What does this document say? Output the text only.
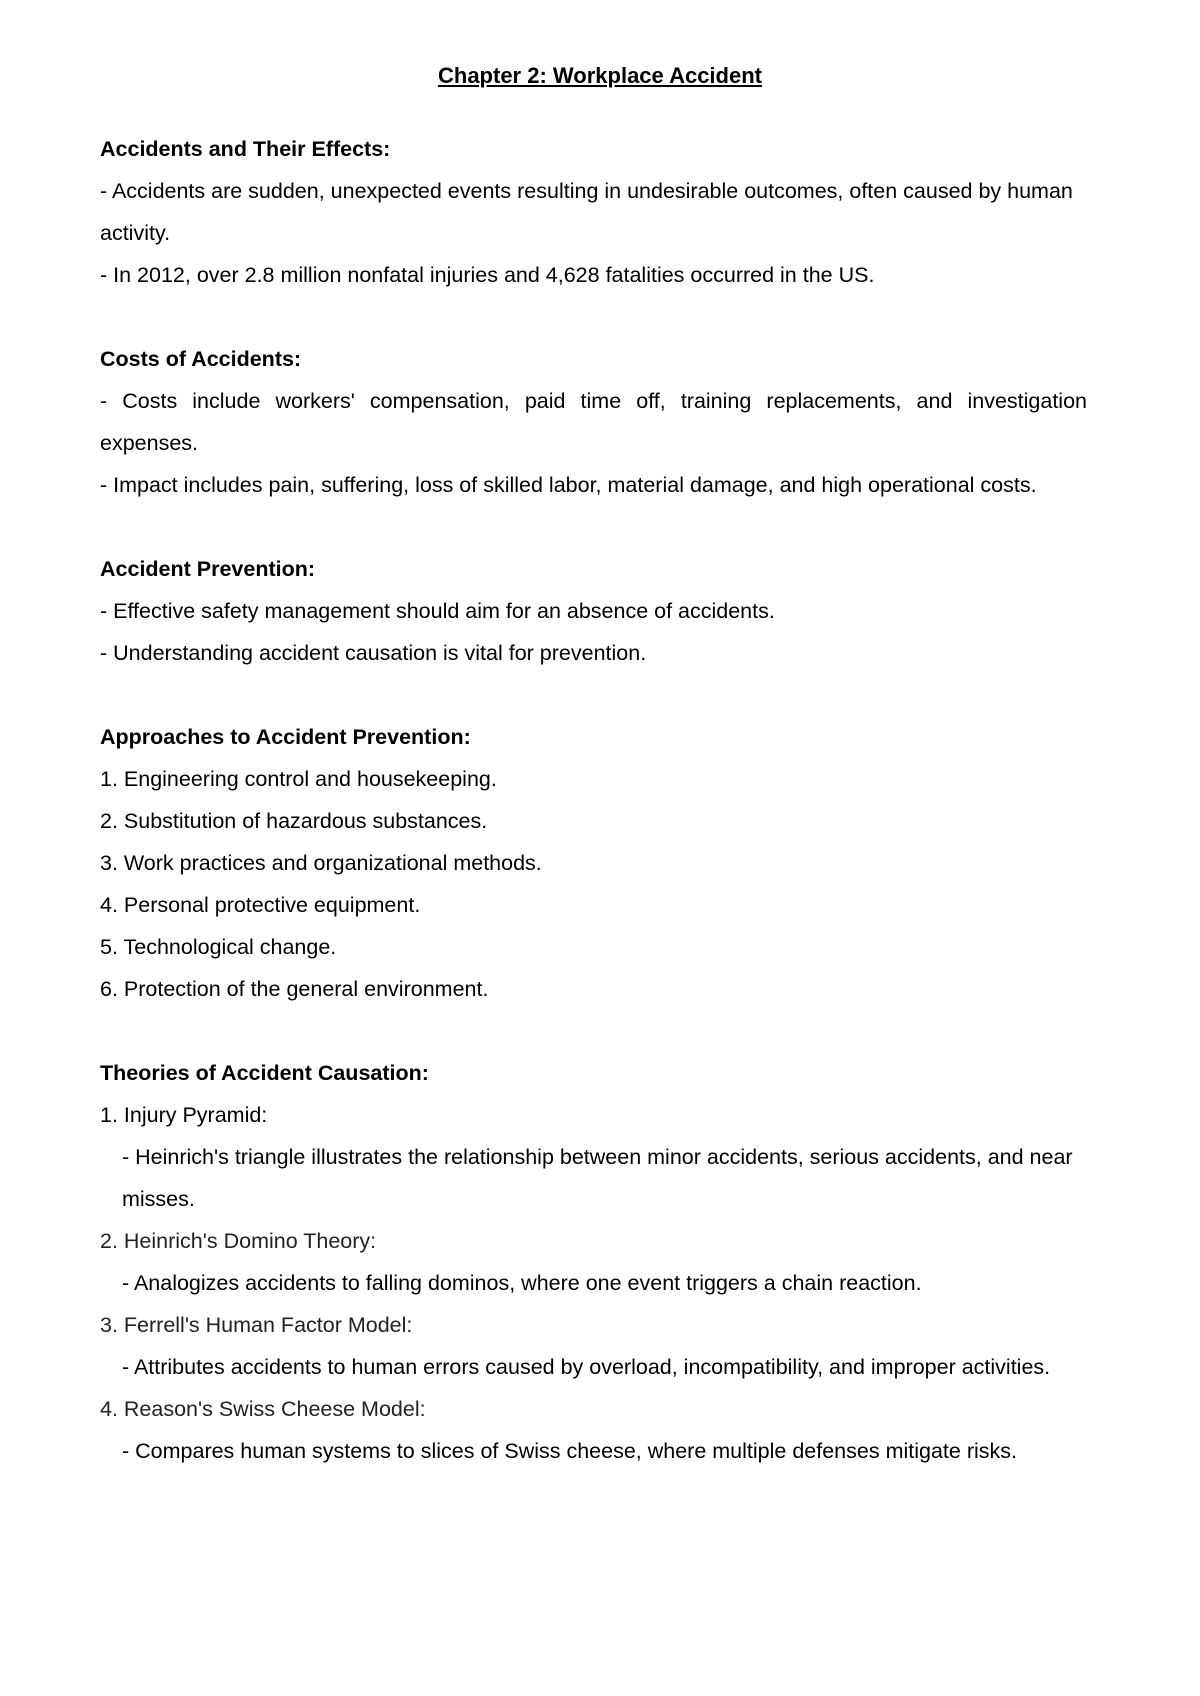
Chapter 2: Workplace Accident

Accidents and Their Effects:

- Accidents are sudden, unexpected events resulting in undesirable outcomes, often caused by human activity.

- In 2012, over 2.8 million nonfatal injuries and 4,628 fatalities occurred in the US.

Costs of Accidents:

- Costs include workers' compensation, paid time off, training replacements, and investigation expenses.

- Impact includes pain, suffering, loss of skilled labor, material damage, and high operational costs.

Accident Prevention:

- Effective safety management should aim for an absence of accidents.

- Understanding accident causation is vital for prevention.

Approaches to Accident Prevention:

1. Engineering control and housekeeping.

2. Substitution of hazardous substances.

3. Work practices and organizational methods.

4. Personal protective equipment.

5. Technological change.

6. Protection of the general environment.

Theories of Accident Causation:

1. Injury Pyramid:

- Heinrich's triangle illustrates the relationship between minor accidents, serious accidents, and near misses.

2. Heinrich's Domino Theory:

- Analogizes accidents to falling dominos, where one event triggers a chain reaction.

3. Ferrell's Human Factor Model:

- Attributes accidents to human errors caused by overload, incompatibility, and improper activities.

4. Reason's Swiss Cheese Model:

- Compares human systems to slices of Swiss cheese, where multiple defenses mitigate risks.
